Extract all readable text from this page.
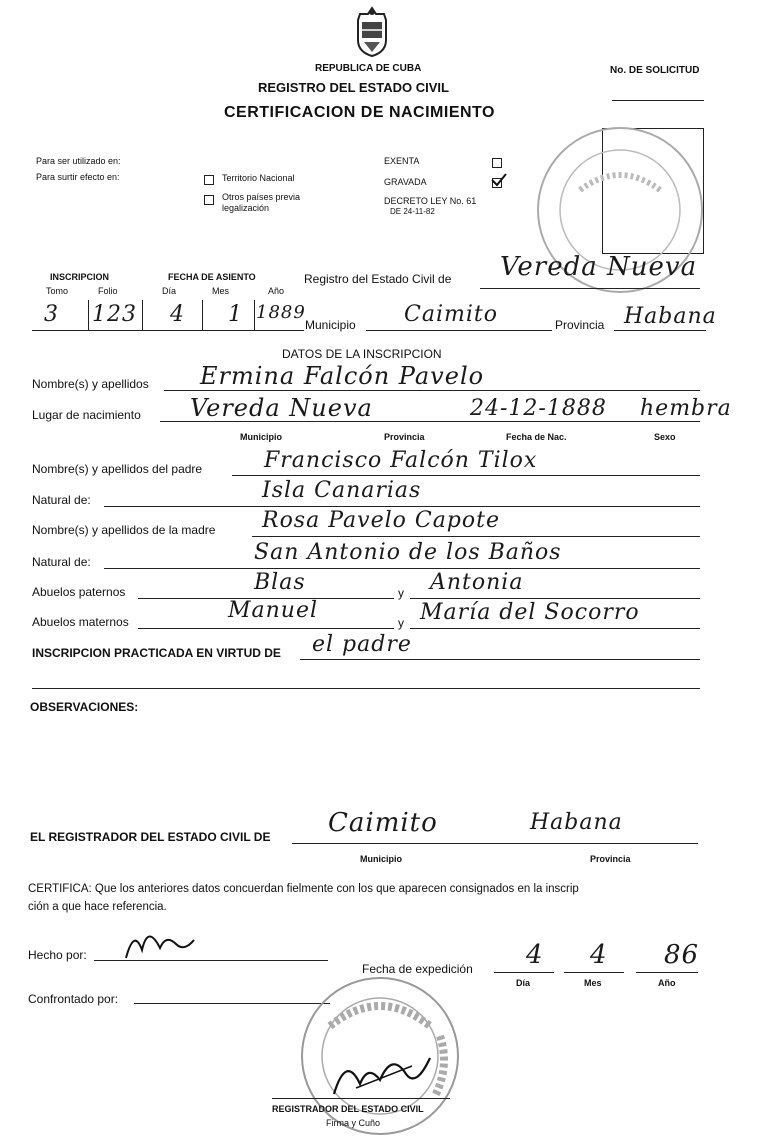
REPUBLICA DE CUBA
REGISTRO DEL ESTADO CIVIL
CERTIFICACION DE NACIMIENTO
No. DE SOLICITUD
Para ser utilizado en:
Para surtir efecto en:	Territorio Nacional
Otros países previa
legalización
EXENTA
GRAVADA
DECRETO LEY No. 61
DE 24-11-82
INSCRIPCION
Tomo	Folio
FECHA DE ASIENTO
Día	Mes	Año
Registro del Estado Civil de Vereda Nueva
3 123 4 1 1889
Municipio Caimito	Provincia Habana
DATOS DE LA INSCRIPCION
Nombre(s) y apellidos Ermina Falcón Pavelo
Lugar de nacimiento Vereda Nueva	24-12-1888 hembra
Municipio	Provincia	Fecha de Nac.	Sexo
Nombre(s) y apellidos del padre	Francisco Falcón Tilox
Natural de:	Isla Canarias
Nombre(s) y apellidos de la madre Rosa Pavelo Capote
Natural de:	San Antonio de los Baños
Abuelos paternos	Blas	y Antonia
Abuelos maternos	Manuel	y María del Socorro
INSCRIPCION PRACTICADA EN VIRTUD DE el padre
OBSERVACIONES:
EL REGISTRADOR DEL ESTADO CIVIL DE Caimito	Habana
Municipio	Provincia
CERTIFICA: Que los anteriores datos concuerdan fielmente con los que aparecen consignados en la inscrip
ción a que hace referencia.
Hecho por:
Fecha de expedición 4 4 86
Día	Mes	Año
Confrontado por:
REGISTRADOR DEL ESTADO CIVIL
Firma y Cuño
